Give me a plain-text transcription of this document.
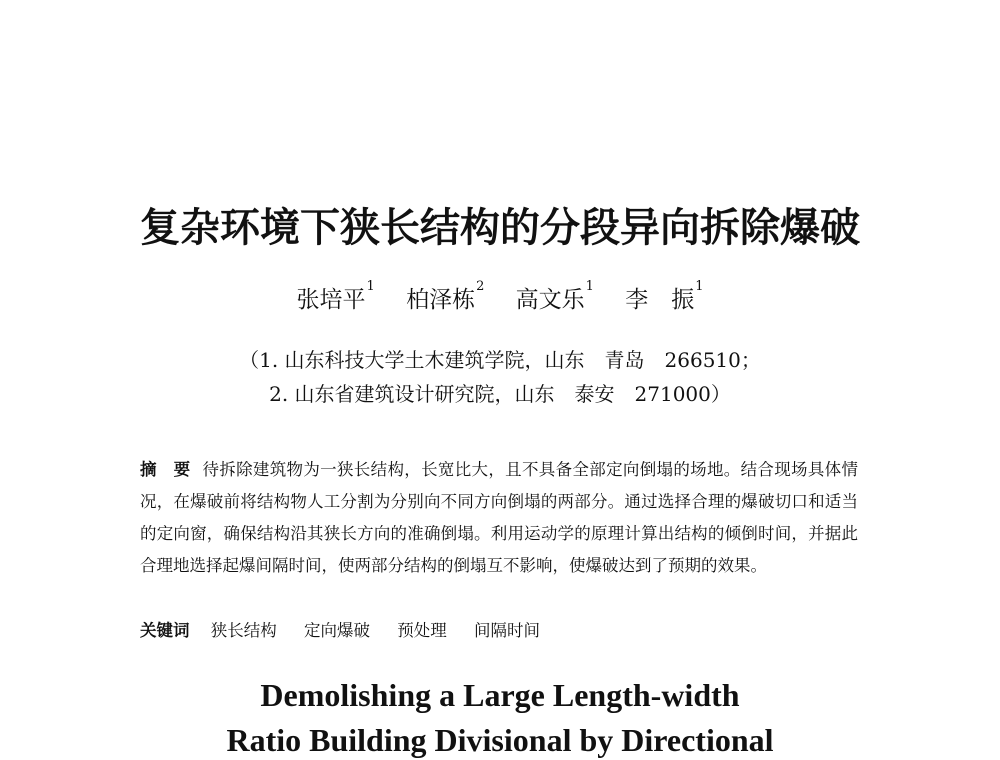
复杂环境下狭长结构的分段异向拆除爆破
张培平$^1$ 柏泽栋$^2$ 高文乐$^1$ 李　振$^1$
（1. 山东科技大学土木建筑学院，山东　青岛　266510；
2. 山东省建筑设计研究院，山东　泰安　271000）
摘　要 待拆除建筑物为一狭长结构，长宽比大，且不具备全部定向倒塌的场地。结合现场具体情况，在爆破前将结构物人工分割为分别向不同方向倒塌的两部分。通过选择合理的爆破切口和适当的定向窗，确保结构沿其狭长方向的准确倒塌。利用运动学的原理计算出结构的倾倒时间，并据此合理地选择起爆间隔时间，使两部分结构的倒塌互不影响，使爆破达到了预期的效果。
关键词 狭长结构 定向爆破 预处理 间隔时间
Demolishing a Large Length-width
Ratio Building Divisional by Directional
